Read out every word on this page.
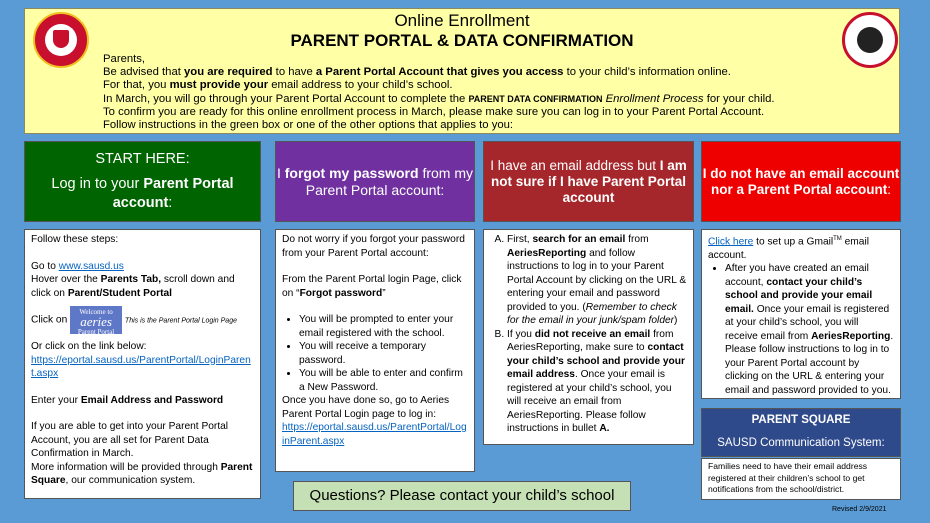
Online Enrollment
PARENT PORTAL & DATA CONFIRMATION
Parents,
Be advised that you are required to have a Parent Portal Account that gives you access to your child’s information online.
For that, you must provide your email address to your child’s school.
In March, you will go through your Parent Portal Account to complete the PARENT DATA CONFIRMATION Enrollment Process for your child.
To confirm you are ready for this online enrollment process in March, please make sure you can log in to your Parent Portal Account.
Follow instructions in the green box or one of the other options that applies to you:
START HERE:
Log in to your Parent Portal
account:

Follow these steps:

Go to www.sausd.us

Hover over the Parents Tab, scroll down and click on Parent/Student Portal

Click on Welcome to
aeries
Parent Portal This is the Parent Portal Login Page

Or click on the link below:

https://eportal.sausd.us/ParentPortal/LoginParent.aspx

Enter your Email Address and Password

If you are able to get into your Parent Portal Account, you are all set for Parent Data Confirmation in March.

More information will be provided through Parent Square, our communication system.

I forgot my password from my Parent Portal account:

Do not worry if you forgot your password from your Parent Portal account:

From the Parent Portal login Page, click on “Forgot password”

• You will be prompted to enter your email registered with the school.
• You will receive a temporary password.
• You will be able to enter and confirm a New Password.

Once you have done so, go to Aeries Parent Portal Login page to log in:

https://eportal.sausd.us/ParentPortal/LoginParent.aspx

I have an email address but I am not sure if I have Parent Portal account
A. First, search for an email from AeriesReporting and follow instructions to log in to your Parent Portal Account by clicking on the URL & entering your email and password provided to you. (Remember to check for the email in your junk/spam folder)
B. If you did not receive an email from AeriesReporting, make sure to contact your child’s school and provide your email address. Once your email is registered at your child’s school, you will receive an email from AeriesReporting. Please follow instructions in bullet A.
I do not have an email account nor a Parent Portal account:

Click here to set up a Gmail™ email account.

• After you have created an email account, contact your child’s school and provide your email email. Once your email is registered at your child’s school, you will receive email from AeriesReporting. Please follow instructions to log in to your Parent Portal account by clicking on the URL & entering your email and password provided to you.
PARENT SQUARE
SAUSD Communication System:
Families need to have their email address registered at their children’s school to get notifications from the school/district.
Questions? Please contact your child’s school
Revised 2/9/2021
